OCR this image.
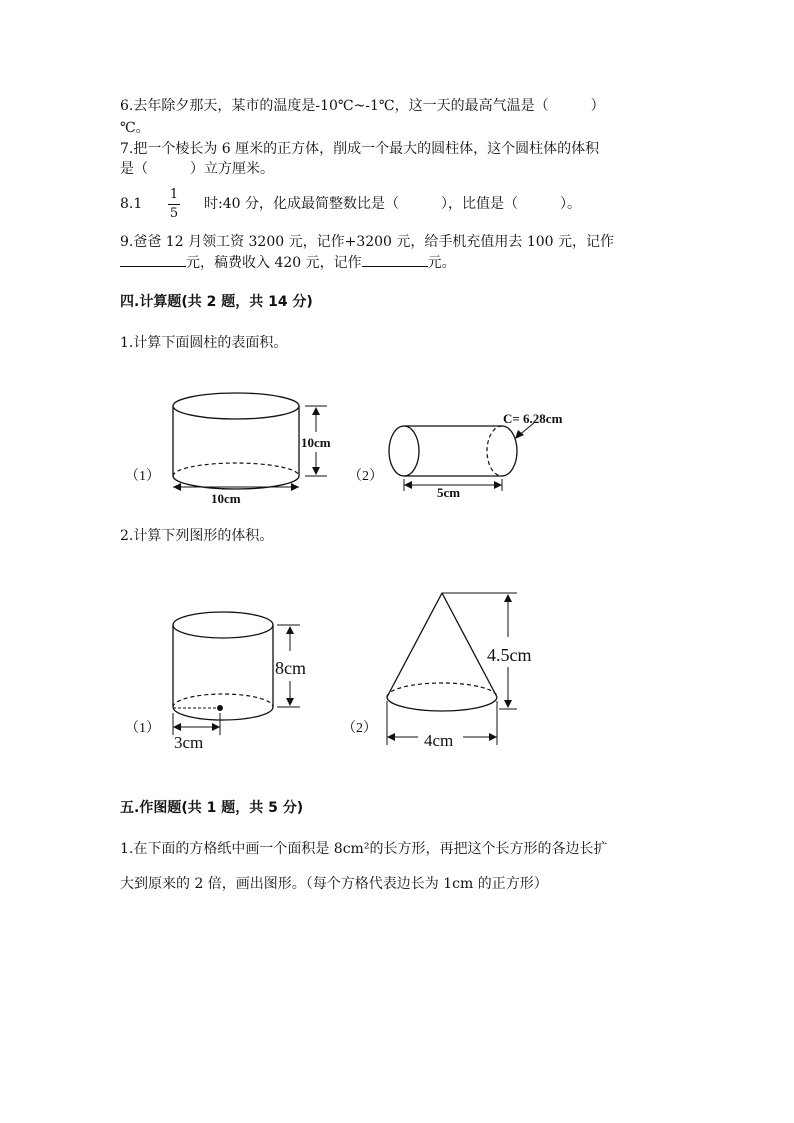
6.去年除夕那天，某市的温度是-10℃~-1℃，这一天的最高气温是（　　　）
℃。
7.把一个棱长为 6 厘米的正方体，削成一个最大的圆柱体，这个圆柱体的体积
是（　　　）立方厘米。
8.1
1
5
时:40 分，化成最简整数比是（　　　），比值是（　　　）。
9.爸爸 12 月领工资 3200 元，记作+3200 元，给手机充值用去 100 元，记作
元，稿费收入 420 元，记作	元。
四.计算题(共 2 题，共 14 分)
1.计算下面圆柱的表面积。
（1）
10cm
10cm
（2）
C= 6.28cm
5cm
2.计算下列图形的体积。
（1）
8cm
3cm
（2）
4.5cm
4cm
五.作图题(共 1 题，共 5 分)
1.在下面的方格纸中画一个面积是 8cm²的长方形，再把这个长方形的各边长扩
大到原来的 2 倍，画出图形。（每个方格代表边长为 1cm 的正方形）
